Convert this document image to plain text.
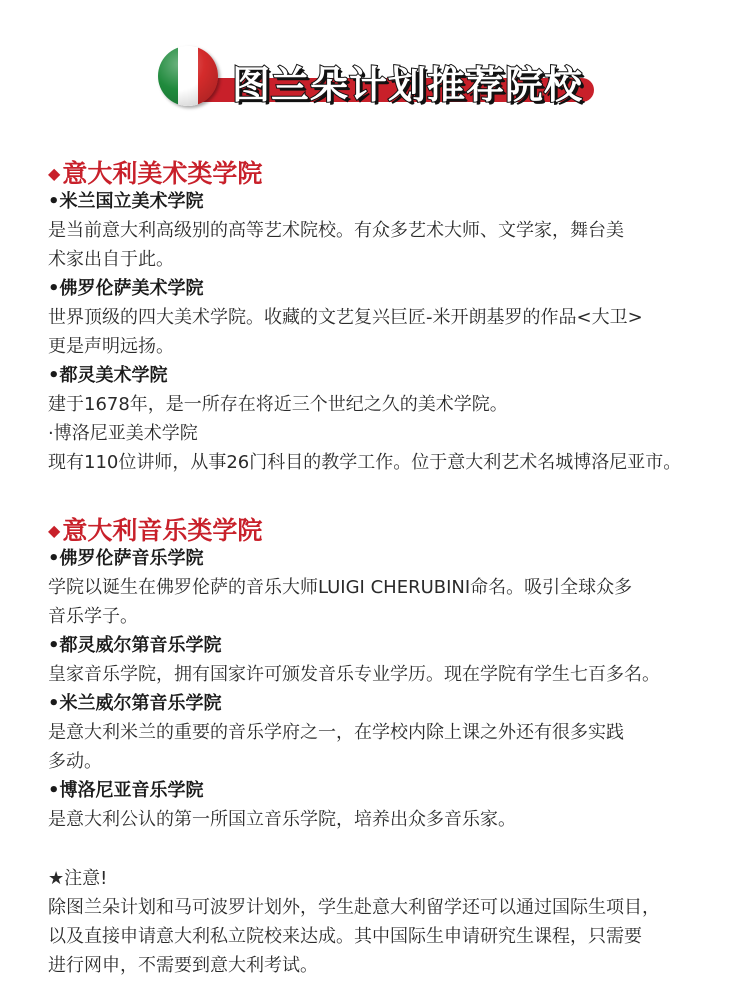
图兰朵计划推荐院校
◆意大利美术类学院
•米兰国立美术学院
是当前意大利高级别的高等艺术院校。有众多艺术大师、文学家，舞台美
术家出自于此。
•佛罗伦萨美术学院
世界顶级的四大美术学院。收藏的文艺复兴巨匠-米开朗基罗的作品<大卫>
更是声明远扬。
•都灵美术学院
建于1678年，是一所存在将近三个世纪之久的美术学院。
·博洛尼亚美术学院
现有110位讲师，从事26门科目的教学工作。位于意大利艺术名城博洛尼亚市。
◆意大利音乐类学院
•佛罗伦萨音乐学院
学院以诞生在佛罗伦萨的音乐大师LUIGI CHERUBINI命名。吸引全球众多
音乐学子。
•都灵威尔第音乐学院
皇家音乐学院，拥有国家许可颁发音乐专业学历。现在学院有学生七百多名。
•米兰威尔第音乐学院
是意大利米兰的重要的音乐学府之一，在学校内除上课之外还有很多实践
多动。
•博洛尼亚音乐学院
是意大利公认的第一所国立音乐学院，培养出众多音乐家。
★注意!
除图兰朵计划和马可波罗计划外，学生赴意大利留学还可以通过国际生项目，
以及直接申请意大利私立院校来达成。其中国际生申请研究生课程，只需要
进行网申，不需要到意大利考试。
